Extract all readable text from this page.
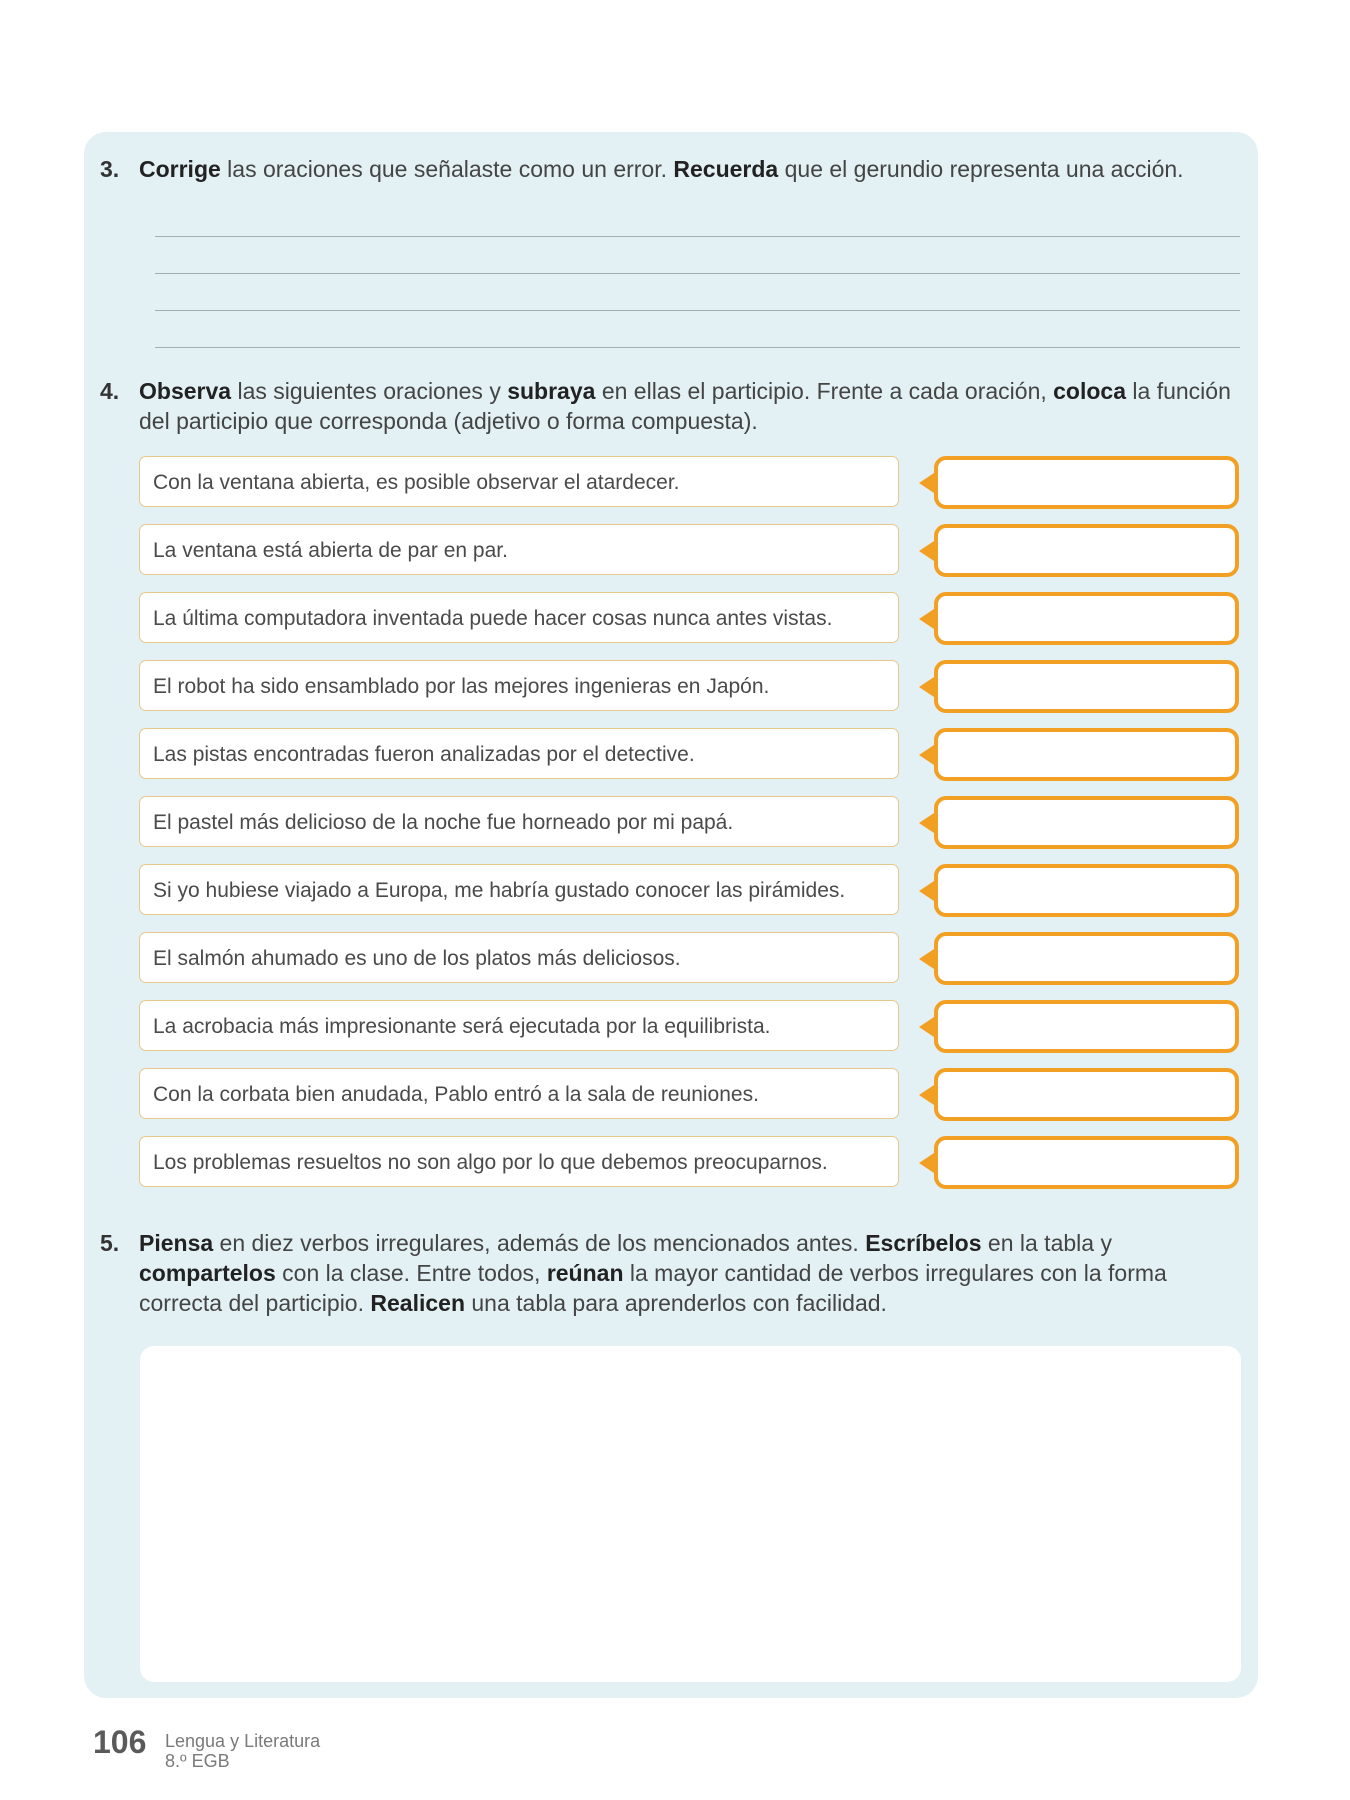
3. Corrige las oraciones que señalaste como un error. Recuerda que el gerundio representa una acción.
4. Observa las siguientes oraciones y subraya en ellas el participio. Frente a cada oración, coloca la función del participio que corresponda (adjetivo o forma compuesta).
Con la ventana abierta, es posible observar el atardecer.
La ventana está abierta de par en par.
La última computadora inventada puede hacer cosas nunca antes vistas.
El robot ha sido ensamblado por las mejores ingenieras en Japón.
Las pistas encontradas fueron analizadas por el detective.
El pastel más delicioso de la noche fue horneado por mi papá.
Si yo hubiese viajado a Europa, me habría gustado conocer las pirámides.
El salmón ahumado es uno de los platos más deliciosos.
La acrobacia más impresionante será ejecutada por la equilibrista.
Con la corbata bien anudada, Pablo entró a la sala de reuniones.
Los problemas resueltos no son algo por lo que debemos preocuparnos.
5. Piensa en diez verbos irregulares, además de los mencionados antes. Escríbelos en la tabla y compartelos con la clase. Entre todos, reúnan la mayor cantidad de verbos irregulares con la forma correcta del participio. Realicen una tabla para aprenderlos con facilidad.
106 Lengua y Literatura
8.º EGB
